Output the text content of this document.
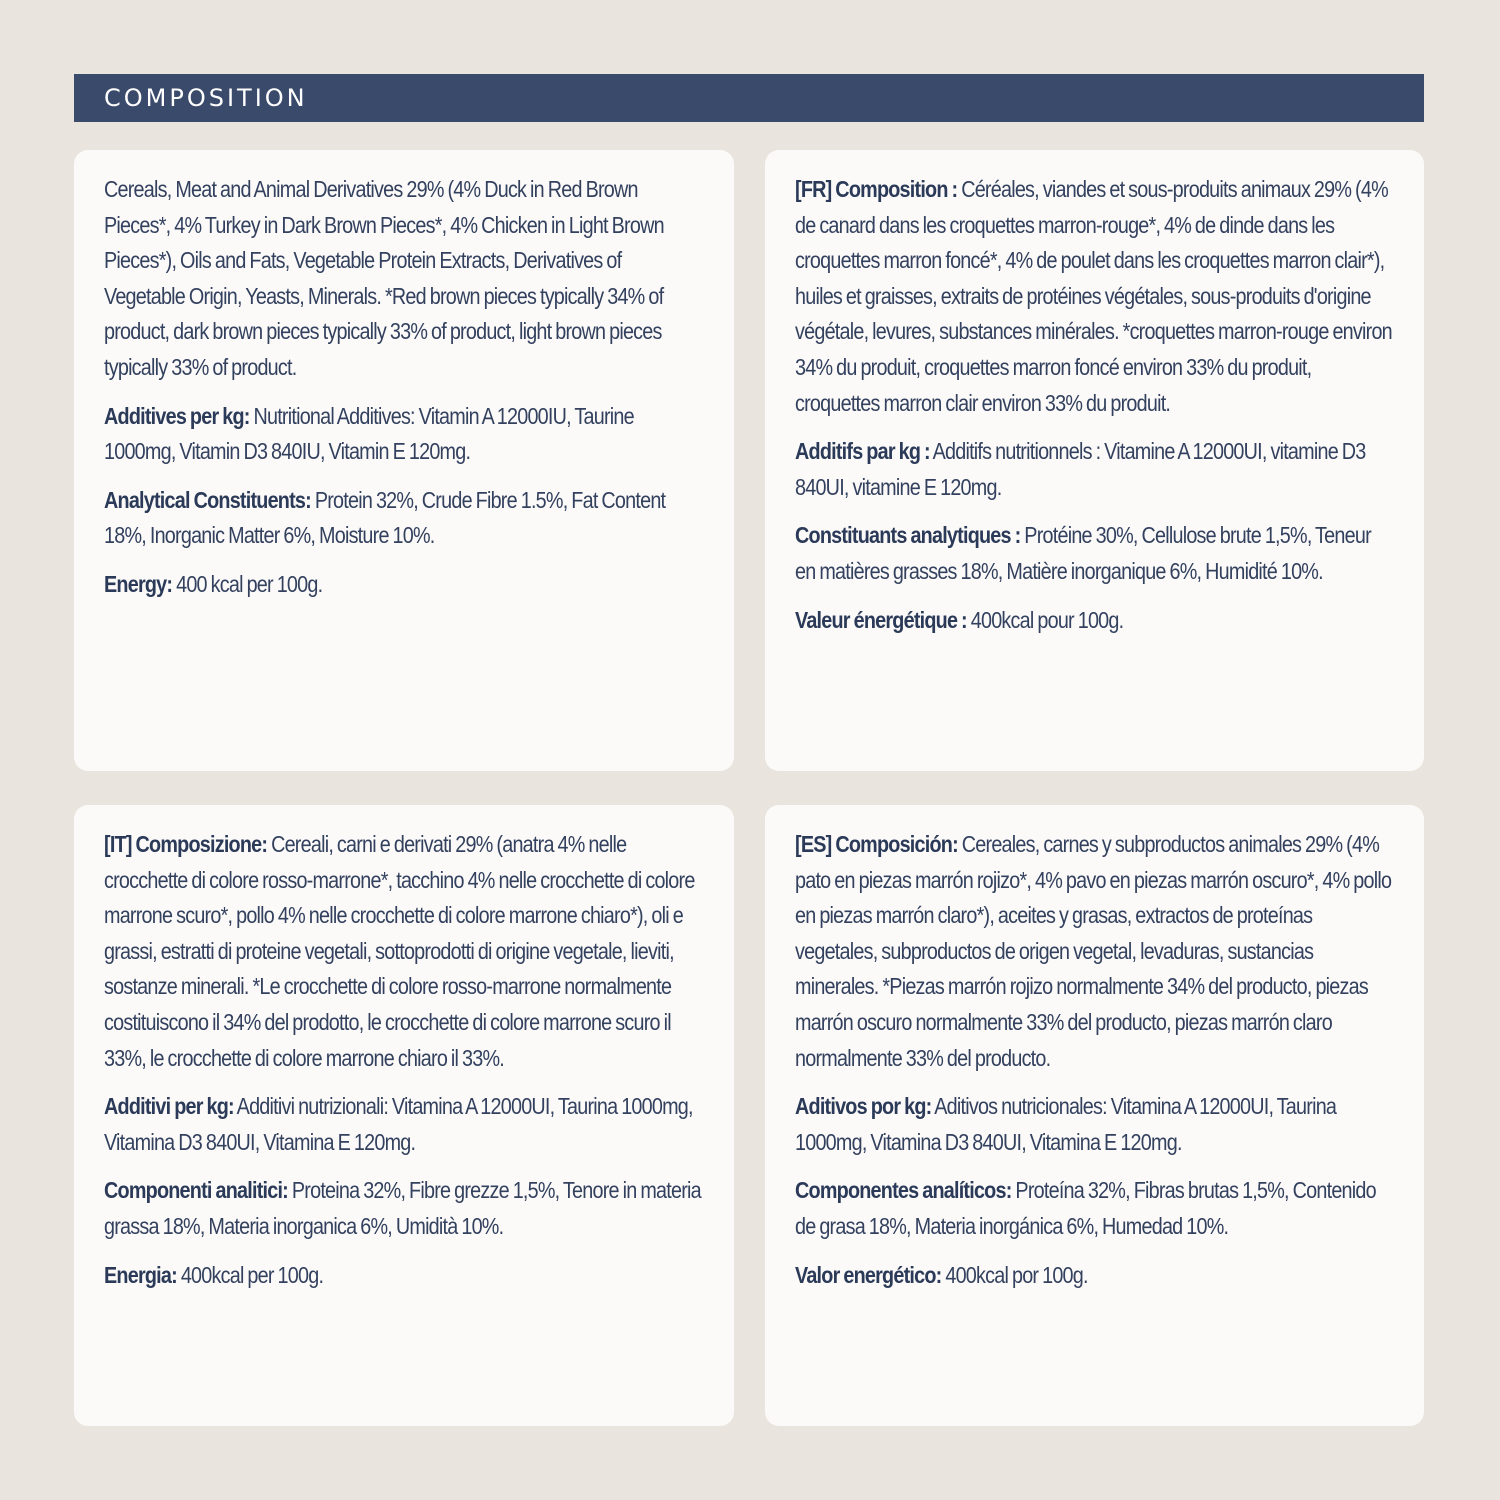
COMPOSITION

Cereals, Meat and Animal Derivatives 29% (4% Duck in Red Brown Pieces*, 4% Turkey in Dark Brown Pieces*, 4% Chicken in Light Brown Pieces*), Oils and Fats, Vegetable Protein Extracts, Derivatives of Vegetable Origin, Yeasts, Minerals. *Red brown pieces typically 34% of product, dark brown pieces typically 33% of product, light brown pieces typically 33% of product.

Additives per kg: Nutritional Additives: Vitamin A 12000IU, Taurine 1000mg, Vitamin D3 840IU, Vitamin E 120mg.

Analytical Constituents: Protein 32%, Crude Fibre 1.5%, Fat Content 18%, Inorganic Matter 6%, Moisture 10%.

Energy: 400 kcal per 100g.

[FR] Composition : Céréales, viandes et sous-produits animaux 29% (4% de canard dans les croquettes marron-rouge*, 4% de dinde dans les croquettes marron foncé*, 4% de poulet dans les croquettes marron clair*), huiles et graisses, extraits de protéines végétales, sous-produits d'origine végétale, levures, substances minérales. *croquettes marron-rouge environ 34% du produit, croquettes marron foncé environ 33% du produit, croquettes marron clair environ 33% du produit.

Additifs par kg : Additifs nutritionnels : Vitamine A 12000UI, vitamine D3 840UI, vitamine E 120mg.

Constituants analytiques : Protéine 30%, Cellulose brute 1,5%, Teneur en matières grasses 18%, Matière inorganique 6%, Humidité 10%.

Valeur énergétique : 400kcal pour 100g.

[IT] Composizione: Cereali, carni e derivati 29% (anatra 4% nelle crocchette di colore rosso-marrone*, tacchino 4% nelle crocchette di colore marrone scuro*, pollo 4% nelle crocchette di colore marrone chiaro*), oli e grassi, estratti di proteine vegetali, sottoprodotti di origine vegetale, lieviti, sostanze minerali. *Le crocchette di colore rosso-marrone normalmente costituiscono il 34% del prodotto, le crocchette di colore marrone scuro il 33%, le crocchette di colore marrone chiaro il 33%.

Additivi per kg: Additivi nutrizionali: Vitamina A 12000UI, Taurina 1000mg, Vitamina D3 840UI, Vitamina E 120mg.

Componenti analitici: Proteina 32%, Fibre grezze 1,5%, Tenore in materia grassa 18%, Materia inorganica 6%, Umidità 10%.

Energia: 400kcal per 100g.

[ES] Composición: Cereales, carnes y subproductos animales 29% (4% pato en piezas marrón rojizo*, 4% pavo en piezas marrón oscuro*, 4% pollo en piezas marrón claro*), aceites y grasas, extractos de proteínas vegetales, subproductos de origen vegetal, levaduras, sustancias minerales. *Piezas marrón rojizo normalmente 34% del producto, piezas marrón oscuro normalmente 33% del producto, piezas marrón claro normalmente 33% del producto.

Aditivos por kg: Aditivos nutricionales: Vitamina A 12000UI, Taurina 1000mg, Vitamina D3 840UI, Vitamina E 120mg.

Componentes analíticos: Proteína 32%, Fibras brutas 1,5%, Contenido de grasa 18%, Materia inorgánica 6%, Humedad 10%.

Valor energético: 400kcal por 100g.
